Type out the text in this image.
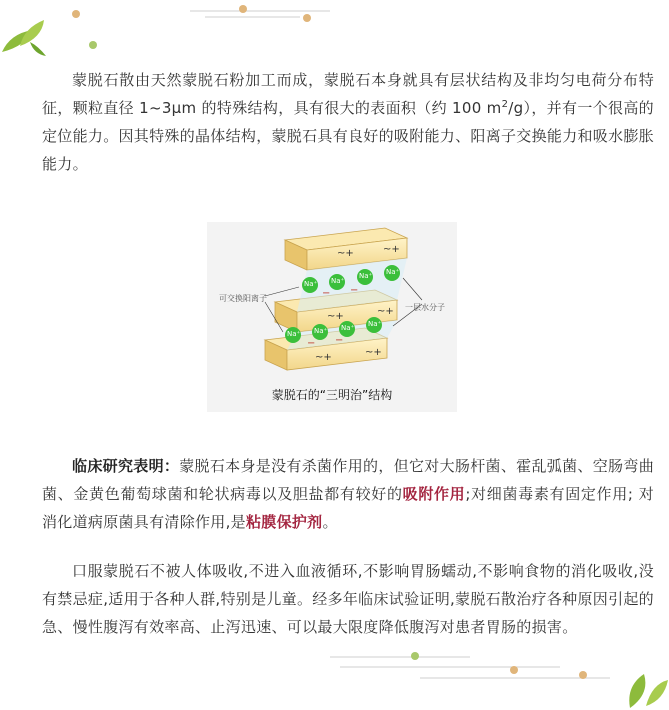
蒙脱石散由天然蒙脱石粉加工而成，蒙脱石本身就具有层状结构及非均匀电荷分布特征，颗粒直径 1~3μm 的特殊结构，具有很大的表面积（约 100 $m^2/g$），并有一个很高的定位能力。因其特殊的晶体结构，蒙脱石具有良好的吸附能力、阳离子交换能力和吸水膨胀能力。

~+	~+
~+	~+
~+	~+
Na⁺ Na⁺
Na⁺ Na⁺
Na⁺ Na⁺ Na⁺ Na⁺
− −
− −
可交换阳离子
一层水分子
蒙脱石的“三明治”结构

临床研究表明：蒙脱石本身是没有杀菌作用的，但它对大肠杆菌、霍乱弧菌、空肠弯曲菌、金黄色葡萄球菌和轮状病毒以及胆盐都有较好的吸附作用;对细菌毒素有固定作用; 对消化道病原菌具有清除作用,是粘膜保护剂。

口服蒙脱石不被人体吸收,不进入血液循环,不影响胃肠蠕动,不影响食物的消化吸收,没有禁忌症,适用于各种人群,特别是儿童。经多年临床试验证明,蒙脱石散治疗各种原因引起的急、慢性腹泻有效率高、止泻迅速、可以最大限度降低腹泻对患者胃肠的损害。
